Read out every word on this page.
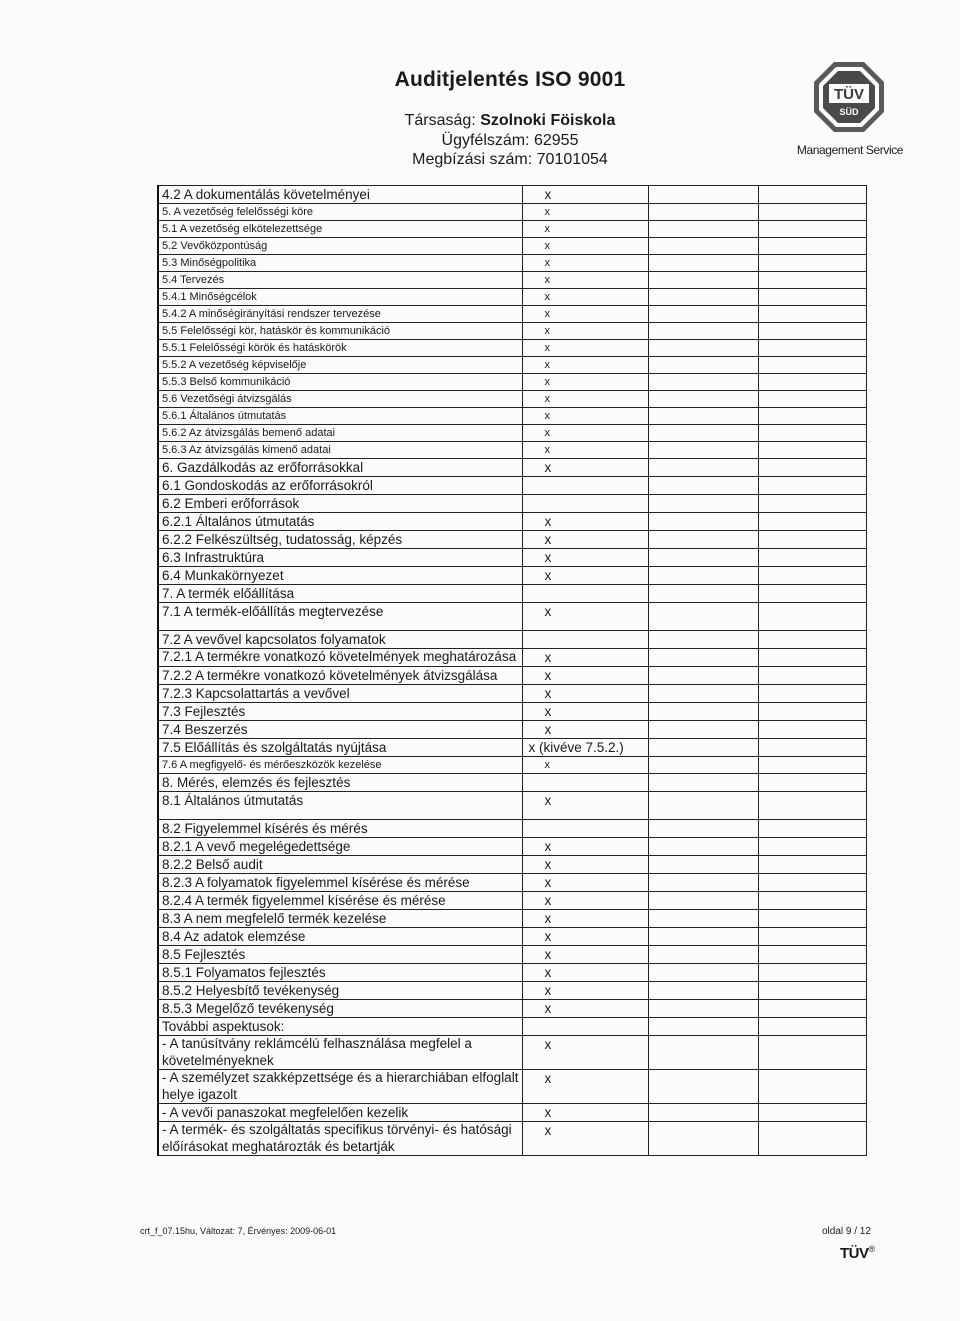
Auditjelentés ISO 9001
Társaság: Szolnoki Föiskola
Ügyfélszám: 62955
Megbízási szám: 70101054
TÜV
SÜD
Management Service
4.2 A dokumentálás követelményei	x		
5. A vezetőség felelősségi köre	x		
5.1 A vezetőség elkötelezettsége	x		
5.2 Vevőközpontúság	x		
5.3 Minőségpolitika	x		
5.4 Tervezés	x		
5.4.1 Minőségcélok	x		
5.4.2 A minőségirányítási rendszer tervezése	x		
5.5 Felelősségi kör, hatáskör és kommunikáció	x		
5.5.1 Felelősségi körök és hatáskörök	x		
5.5.2 A vezetőség képviselője	x		
5.5.3 Belső kommunikáció	x		
5.6 Vezetőségi átvizsgálás	x		
5.6.1 Általános útmutatás	x		
5.6.2 Az átvizsgálás bemenő adatai	x		
5.6.3 Az átvizsgálás kimenő adatai	x		
6. Gazdálkodás az erőforrásokkal	x		
6.1 Gondoskodás az erőforrásokról			
6.2 Emberi erőforrások			
6.2.1 Általános útmutatás	x		
6.2.2 Felkészültség, tudatosság, képzés	x		
6.3 Infrastruktúra	x		
6.4 Munkakörnyezet	x		
7. A termék előállítása			
7.1 A termék-előállítás megtervezése	x		
7.2 A vevővel kapcsolatos folyamatok			
7.2.1 A termékre vonatkozó követelmények meghatározása	x		
7.2.2 A termékre vonatkozó követelmények átvizsgálása	x		
7.2.3 Kapcsolattartás a vevővel	x		
7.3 Fejlesztés	x		
7.4 Beszerzés	x		
7.5 Előállítás és szolgáltatás nyújtása	x (kivéve 7.5.2.)		
7.6 A megfigyelő- és mérőeszközök kezelése	x		
8. Mérés, elemzés és fejlesztés			
8.1 Általános útmutatás	x		
8.2 Figyelemmel kísérés és mérés			
8.2.1 A vevő megelégedettsége	x		
8.2.2 Belső audit	x		
8.2.3 A folyamatok figyelemmel kísérése és mérése	x		
8.2.4 A termék figyelemmel kísérése és mérése	x		
8.3 A nem megfelelő termék kezelése	x		
8.4 Az adatok elemzése	x		
8.5 Fejlesztés	x		
8.5.1 Folyamatos fejlesztés	x		
8.5.2 Helyesbítő tevékenység	x		
8.5.3 Megelőző tevékenység	x		
További aspektusok:			
- A tanúsítvány reklámcélú felhasználása megfelel a követelményeknek	x		
- A személyzet szakképzettsége és a hierarchiában elfoglalt helye igazolt	x		
- A vevői panaszokat megfelelően kezelik	x		
- A termék- és szolgáltatás specifikus törvényi- és hatósági előírásokat meghatározták és betartják	x		
crt_f_07.15hu, Változat: 7, Érvényes: 2009-06-01	oldal 9 / 12
TÜV®
